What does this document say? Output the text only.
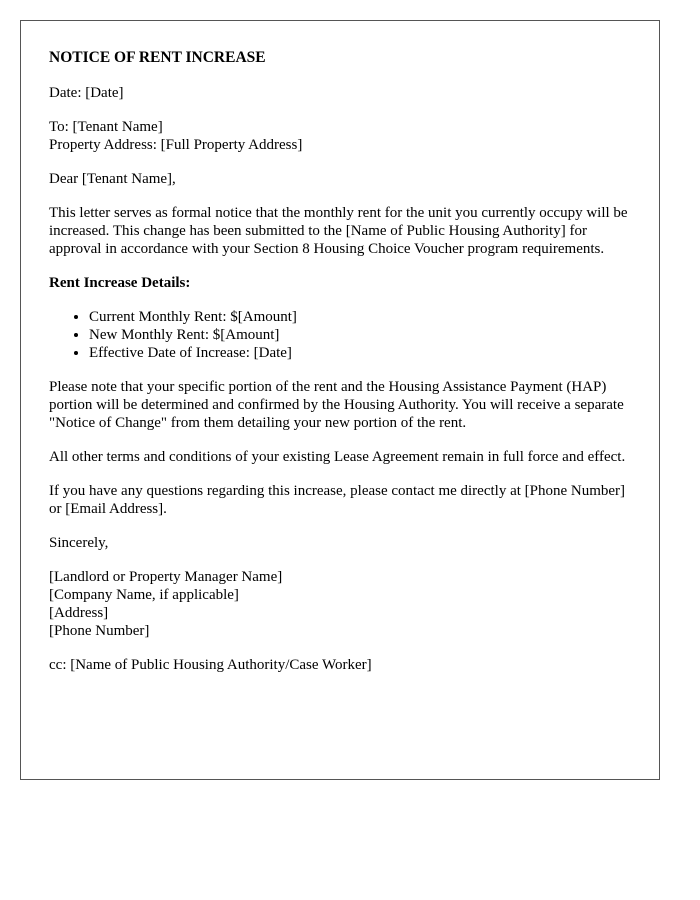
NOTICE OF RENT INCREASE

Date: [Date]

To: [Tenant Name]
Property Address: [Full Property Address]

Dear [Tenant Name],

This letter serves as formal notice that the monthly rent for the unit you currently occupy will be increased. This change has been submitted to the [Name of Public Housing Authority] for approval in accordance with your Section 8 Housing Choice Voucher program requirements.

Rent Increase Details:
• Current Monthly Rent: $[Amount]
• New Monthly Rent: $[Amount]
• Effective Date of Increase: [Date]

Please note that your specific portion of the rent and the Housing Assistance Payment (HAP) portion will be determined and confirmed by the Housing Authority. You will receive a separate "Notice of Change" from them detailing your new portion of the rent.

All other terms and conditions of your existing Lease Agreement remain in full force and effect.

If you have any questions regarding this increase, please contact me directly at [Phone Number] or [Email Address].

Sincerely,

[Landlord or Property Manager Name]
[Company Name, if applicable]
[Address]
[Phone Number]

cc: [Name of Public Housing Authority/Case Worker]
